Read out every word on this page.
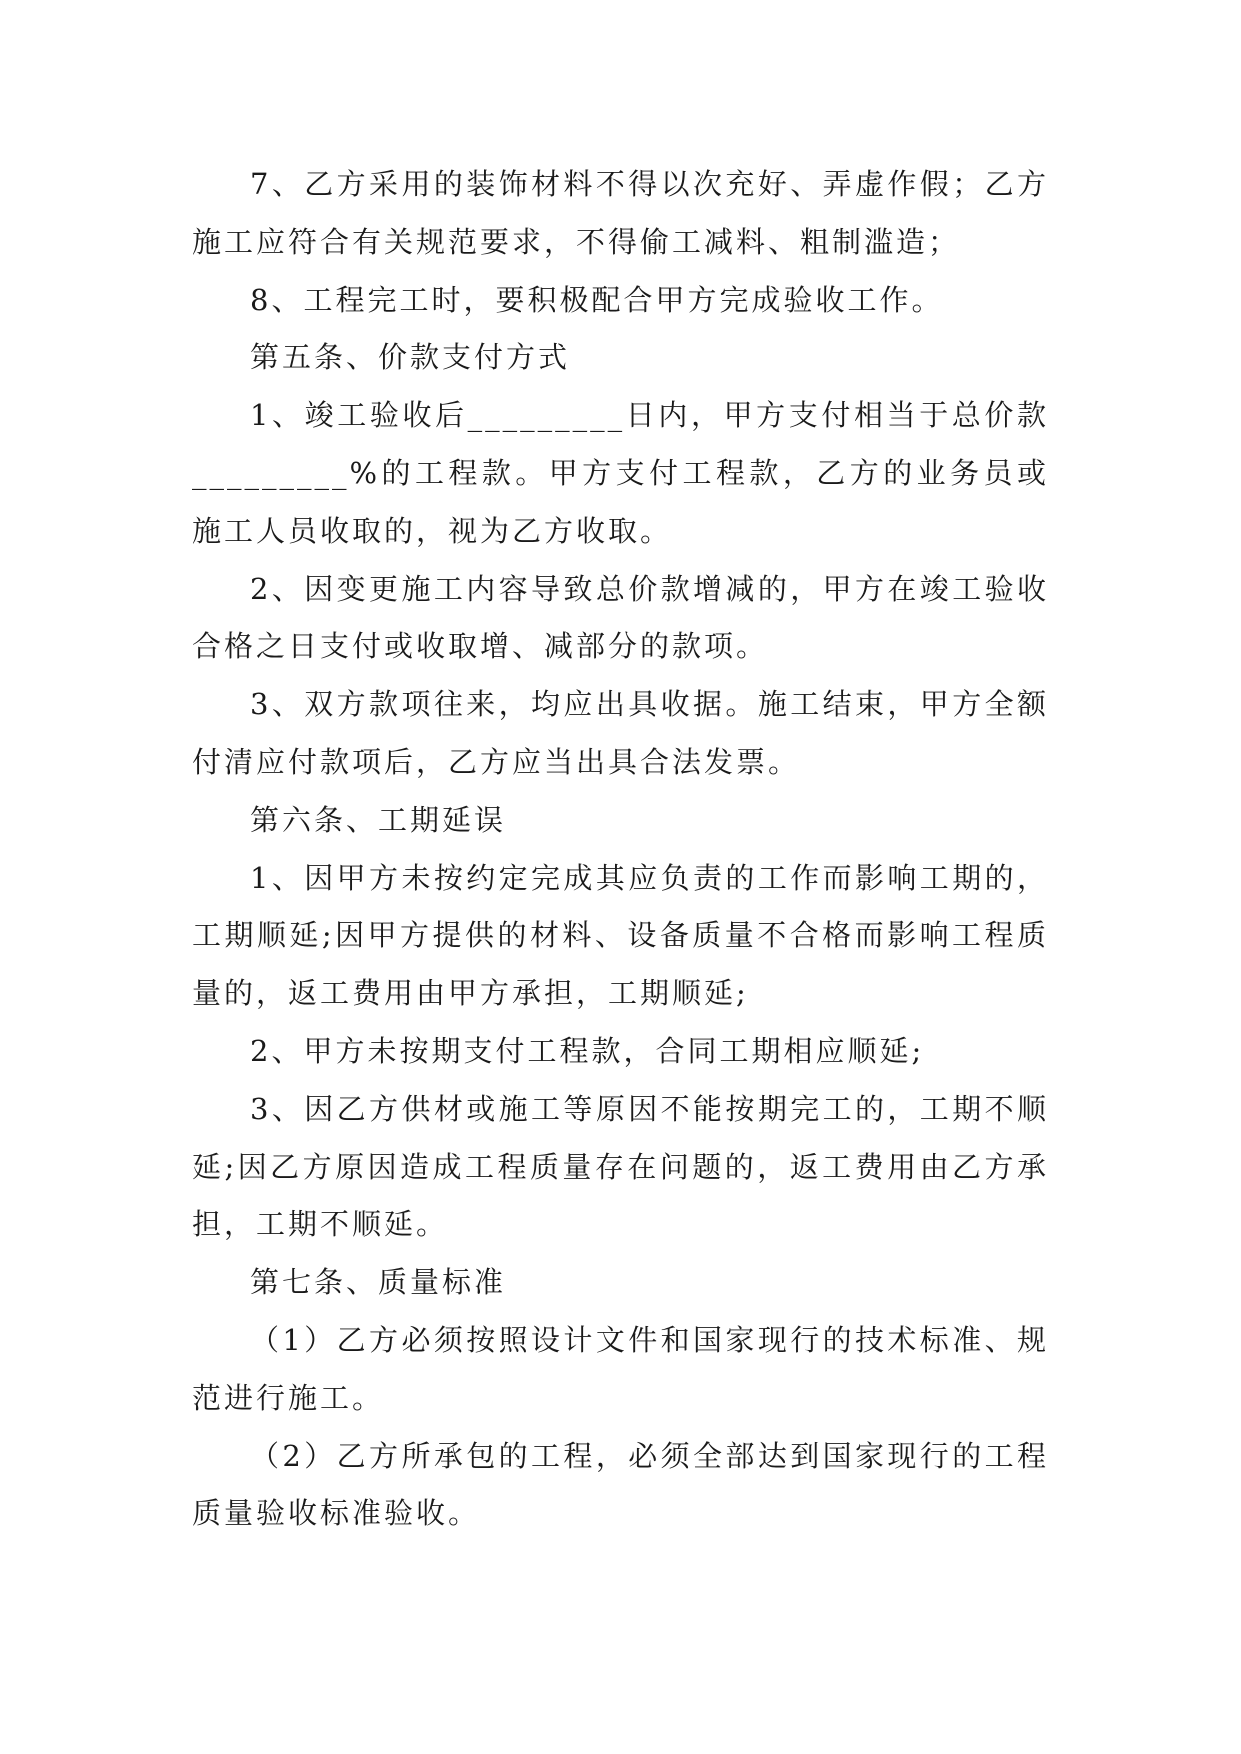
7、乙方采用的装饰材料不得以次充好、弄虚作假；乙方施工应符合有关规范要求，不得偷工减料、粗制滥造；

8、工程完工时，要积极配合甲方完成验收工作。

第五条、价款支付方式

1、竣工验收后_________日内，甲方支付相当于总价款_________%的工程款。甲方支付工程款，乙方的业务员或施工人员收取的，视为乙方收取。

2、因变更施工内容导致总价款增减的，甲方在竣工验收合格之日支付或收取增、减部分的款项。

3、双方款项往来，均应出具收据。施工结束，甲方全额付清应付款项后，乙方应当出具合法发票。

第六条、工期延误

1、因甲方未按约定完成其应负责的工作而影响工期的，工期顺延;因甲方提供的材料、设备质量不合格而影响工程质量的，返工费用由甲方承担，工期顺延;

2、甲方未按期支付工程款，合同工期相应顺延;

3、因乙方供材或施工等原因不能按期完工的，工期不顺延;因乙方原因造成工程质量存在问题的，返工费用由乙方承担，工期不顺延。

第七条、质量标准

（1）乙方必须按照设计文件和国家现行的技术标准、规范进行施工。

（2）乙方所承包的工程，必须全部达到国家现行的工程质量验收标准验收。
